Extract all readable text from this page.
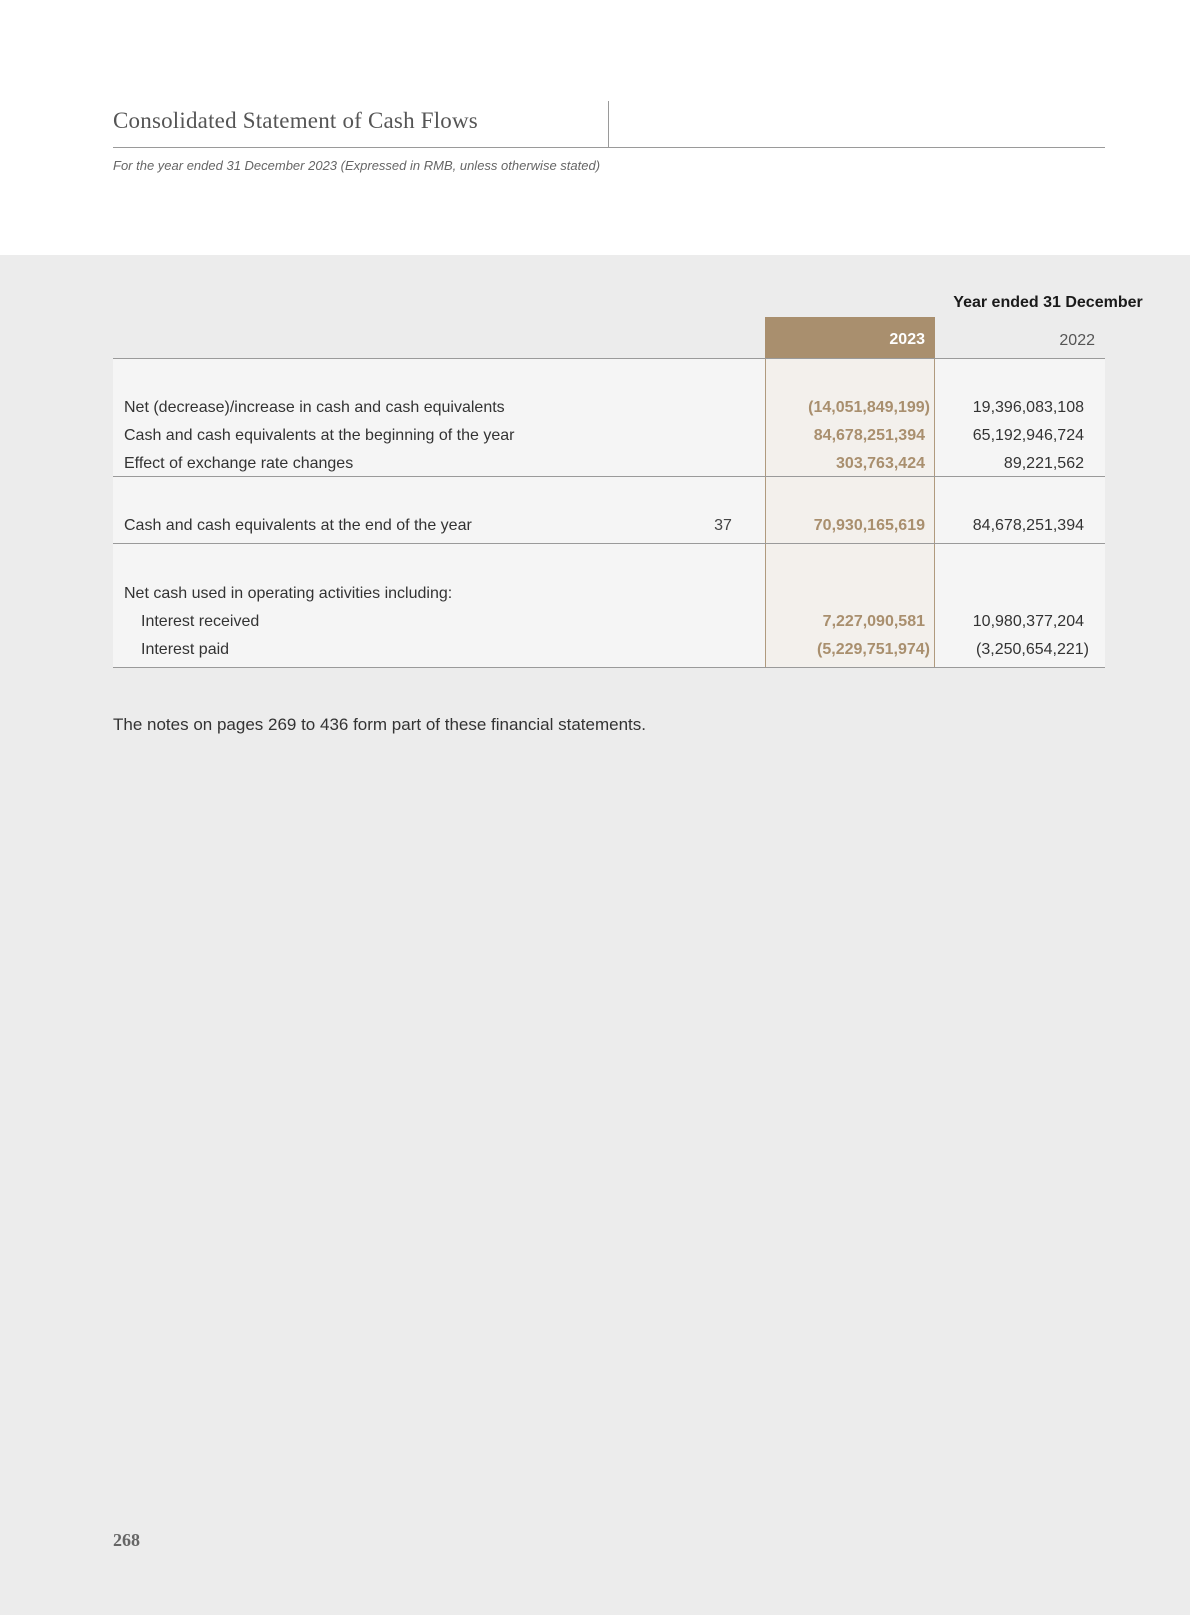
Consolidated Statement of Cash Flows
For the year ended 31 December 2023 (Expressed in RMB, unless otherwise stated)
Year ended 31 December
2023	2022
Net (decrease)/increase in cash and cash equivalents	(14,051,849,199)	19,396,083,108
Cash and cash equivalents at the beginning of the year	84,678,251,394	65,192,946,724
Effect of exchange rate changes	303,763,424	89,221,562
Cash and cash equivalents at the end of the year	37	70,930,165,619	84,678,251,394
Net cash used in operating activities including:
Interest received	7,227,090,581	10,980,377,204
Interest paid	(5,229,751,974)	(3,250,654,221)
The notes on pages 269 to 436 form part of these financial statements.
268
